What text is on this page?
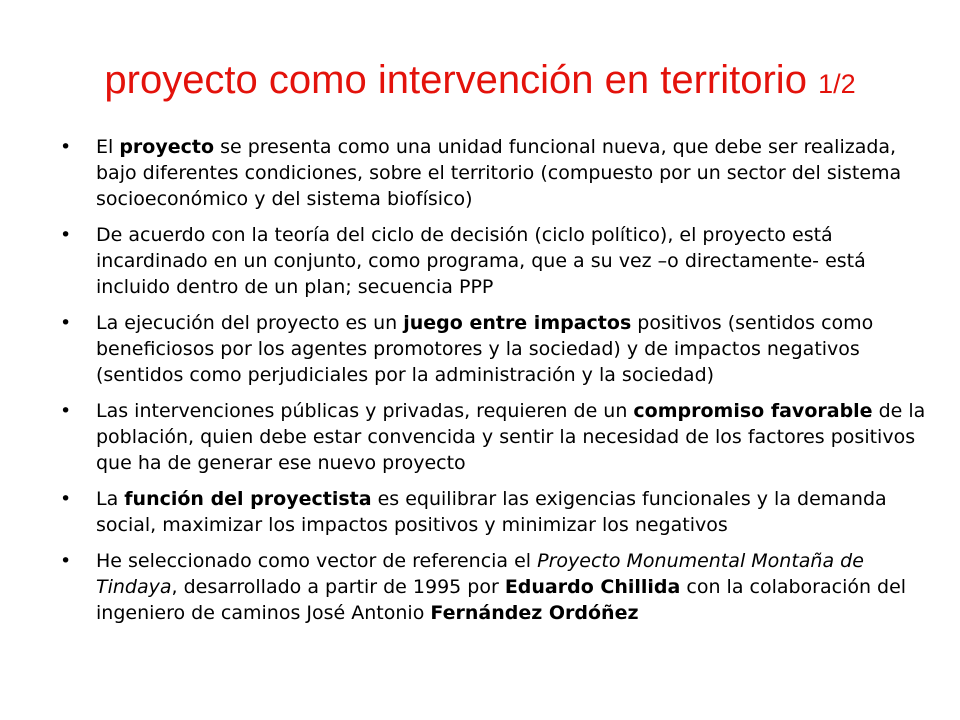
proyecto como intervención en territorio 1/2
• El proyecto se presenta como una unidad funcional nueva, que debe ser realizada, bajo diferentes condiciones, sobre el territorio (compuesto por un sector del sistema socioeconómico y del sistema biofísico)
• De acuerdo con la teoría del ciclo de decisión (ciclo político), el proyecto está incardinado en un conjunto, como programa, que a su vez –o directamente- está incluido dentro de un plan; secuencia PPP
• La ejecución del proyecto es un juego entre impactos positivos (sentidos como beneficiosos por los agentes promotores y la sociedad) y de impactos negativos (sentidos como perjudiciales por la administración y la sociedad)
• Las intervenciones públicas y privadas, requieren de un compromiso favorable de la población, quien debe estar convencida y sentir la necesidad de los factores positivos que ha de generar ese nuevo proyecto
• La función del proyectista es equilibrar las exigencias funcionales y la demanda social, maximizar los impactos positivos y minimizar los negativos
• He seleccionado como vector de referencia el Proyecto Monumental Montaña de Tindaya, desarrollado a partir de 1995 por Eduardo Chillida con la colaboración del ingeniero de caminos José Antonio Fernández Ordóñez
